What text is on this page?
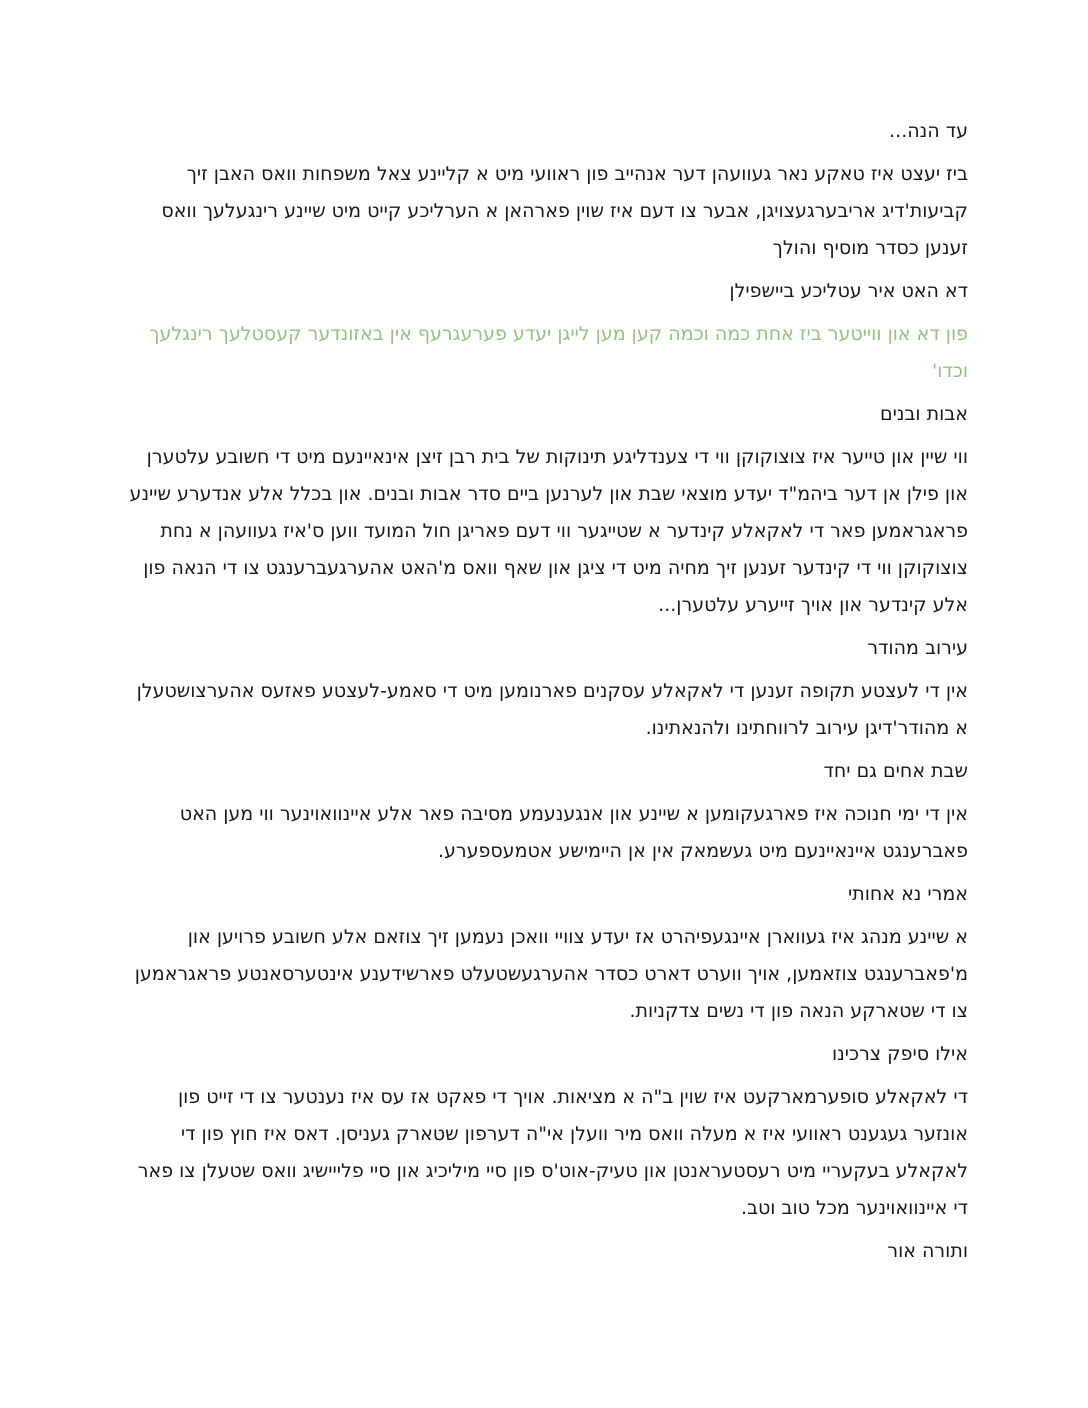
עד הנה...

ביז יעצט איז טאקע נאר געוועהן דער אנהייב פון ראוועי מיט א קליינע צאל משפחות וואס האבן זיך קביעות'דיג אריבערגעצויגן, אבער צו דעם איז שוין פארהאן א הערליכע קייט מיט שיינע רינגעלעך וואס זענען כסדר מוסיף והולך

דא האט איר עטליכע ביישפילן

פון דא און ווייטער ביז אחת כמה וכמה קען מען לייגן יעדע פערעגרעף אין באזונדער קעסטלעך רינגלעך וכדו'

אבות ובנים

ווי שיין און טייער איז צוצוקוקן ווי די צענדליגע תינוקות של בית רבן זיצן אינאיינעם מיט די חשובע עלטערן און פילן אן דער ביהמ"ד יעדע מוצאי שבת און לערנען ביים סדר אבות ובנים. און בכלל אלע אנדערע שיינע פראגראמען פאר די לאקאלע קינדער א שטייגער ווי דעם פאריגן חול המועד ווען ס'איז געוועהן א נחת צוצוקוקן ווי די קינדער זענען זיך מחיה מיט די ציגן און שאף וואס מ'האט אהערגעברענגט צו די הנאה פון אלע קינדער און אויך זייערע עלטערן...

עירוב מהודר

אין די לעצטע תקופה זענען די לאקאלע עסקנים פארנומען מיט די סאמע-לעצטע פאזעס אהערצושטעלן א מהודר'דיגן עירוב לרווחתינו ולהנאתינו.

שבת אחים גם יחד

אין די ימי חנוכה איז פארגעקומען א שיינע און אנגענעמע מסיבה פאר אלע איינוואוינער ווי מען האט פאברענגט איינאיינעם מיט געשמאק אין אן היימישע אטמעספערע.

אמרי נא אחותי

א שיינע מנהג איז געווארן איינגעפיהרט אז יעדע צוויי וואכן נעמען זיך צוזאם אלע חשובע פרויען און מ'פאברענגט צוזאמען, אויך ווערט דארט כסדר אהערגעשטעלט פארשידענע אינטערסאנטע פראגראמען צו די שטארקע הנאה פון די נשים צדקניות.

אילו סיפק צרכינו

די לאקאלע סופערמארקעט איז שוין ב"ה א מציאות. אויך די פאקט אז עס איז נענטער צו די זייט פון אונזער געגענט ראוועי איז א מעלה וואס מיר וועלן אי"ה דערפון שטארק געניסן. דאס איז חוץ פון די לאקאלע בעקעריי מיט רעסטעראנטן און טעיק-אוט'ס פון סיי מיליכיג און סיי פלייישיג וואס שטעלן צו פאר די איינוואוינער מכל טוב וטב.

ותורה אור
